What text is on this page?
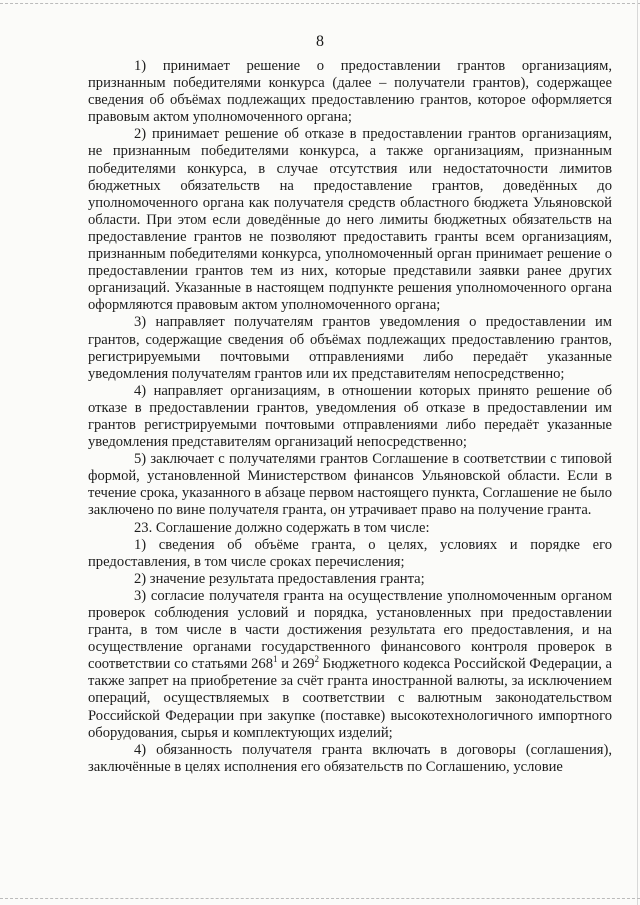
8

1) принимает решение о предоставлении грантов организациям, признанным победителями конкурса (далее – получатели грантов), содержащее сведения об объёмах подлежащих предоставлению грантов, которое оформляется правовым актом уполномоченного органа;

2) принимает решение об отказе в предоставлении грантов организациям, не признанным победителями конкурса, а также организациям, признанным победителями конкурса, в случае отсутствия или недостаточности лимитов бюджетных обязательств на предоставление грантов, доведённых до уполномоченного органа как получателя средств областного бюджета Ульяновской области. При этом если доведённые до него лимиты бюджетных обязательств на предоставление грантов не позволяют предоставить гранты всем организациям, признанным победителями конкурса, уполномоченный орган принимает решение о предоставлении грантов тем из них, которые представили заявки ранее других организаций. Указанные в настоящем подпункте решения уполномоченного органа оформляются правовым актом уполномоченного органа;

3) направляет получателям грантов уведомления о предоставлении им грантов, содержащие сведения об объёмах подлежащих предоставлению грантов, регистрируемыми почтовыми отправлениями либо передаёт указанные уведомления получателям грантов или их представителям непосредственно;

4) направляет организациям, в отношении которых принято решение об отказе в предоставлении грантов, уведомления об отказе в предоставлении им грантов регистрируемыми почтовыми отправлениями либо передаёт указанные уведомления представителям организаций непосредственно;

5) заключает с получателями грантов Соглашение в соответствии с типовой формой, установленной Министерством финансов Ульяновской области. Если в течение срока, указанного в абзаце первом настоящего пункта, Соглашение не было заключено по вине получателя гранта, он утрачивает право на получение гранта.

23. Соглашение должно содержать в том числе:

1) сведения об объёме гранта, о целях, условиях и порядке его предоставления, в том числе сроках перечисления;

2) значение результата предоставления гранта;

3) согласие получателя гранта на осуществление уполномоченным органом проверок соблюдения условий и порядка, установленных при предоставлении гранта, в том числе в части достижения результата его предоставления, и на осуществление органами государственного финансового контроля проверок в соответствии со статьями $268^1$ и $269^2$ Бюджетного кодекса Российской Федерации, а также запрет на приобретение за счёт гранта иностранной валюты, за исключением операций, осуществляемых в соответствии с валютным законодательством Российской Федерации при закупке (поставке) высокотехнологичного импортного оборудования, сырья и комплектующих изделий;

4) обязанность получателя гранта включать в договоры (соглашения), заключённые в целях исполнения его обязательств по Соглашению, условие
